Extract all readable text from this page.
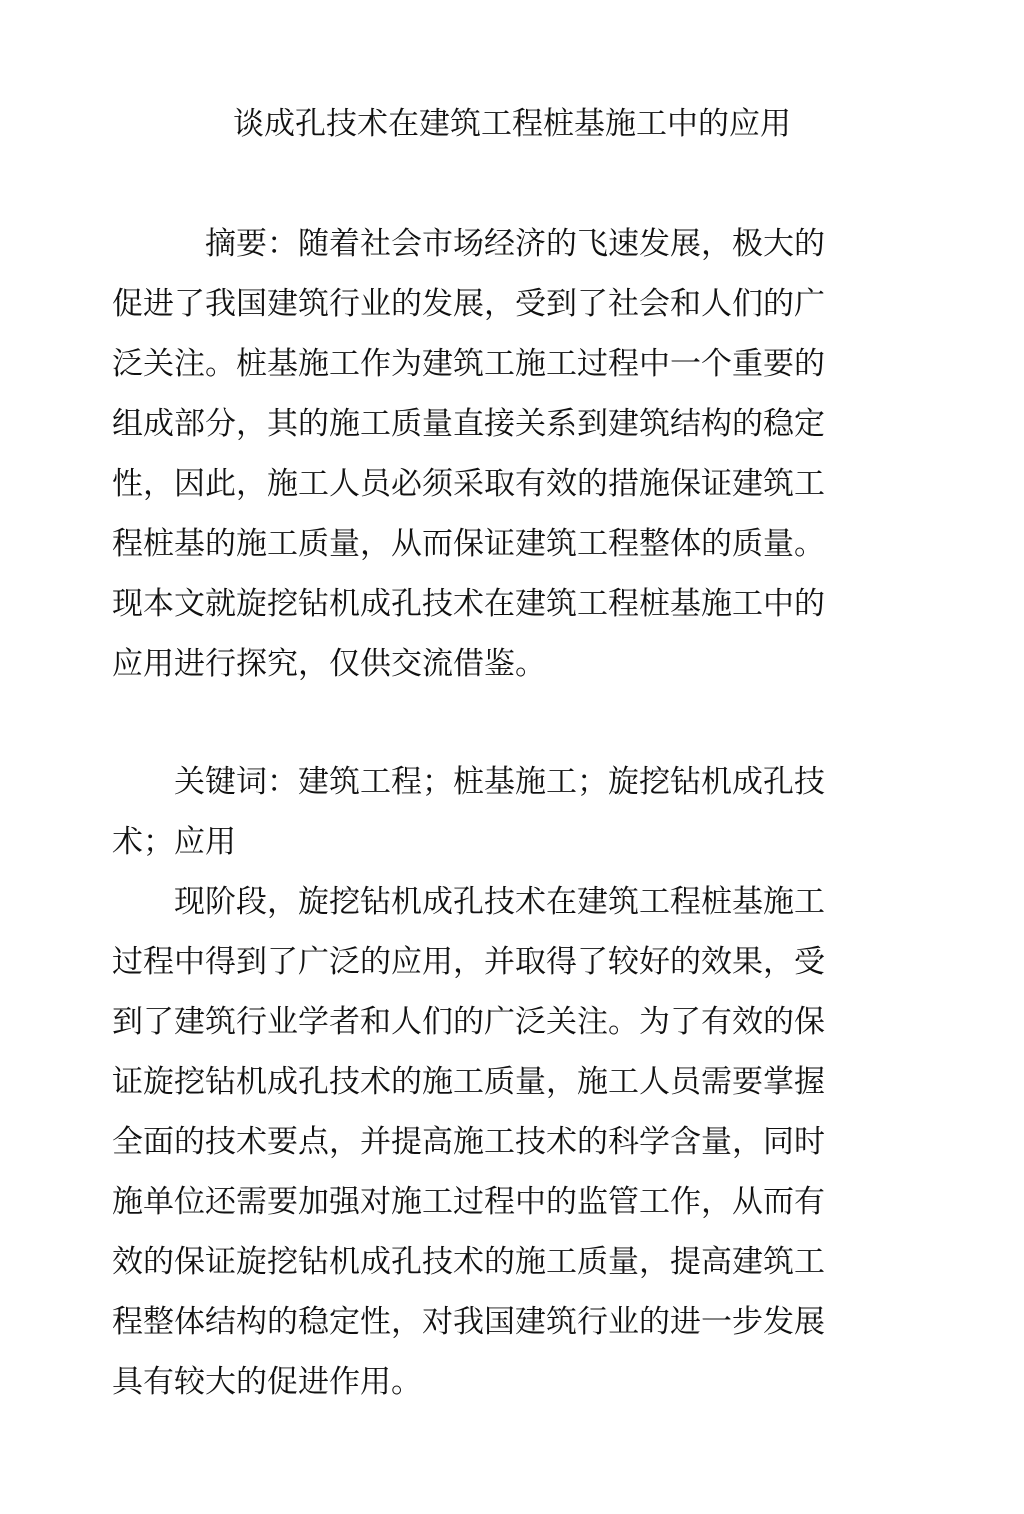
谈成孔技术在建筑工程桩基施工中的应用
　　　摘要：随着社会市场经济的飞速发展，极大的
促进了我国建筑行业的发展，受到了社会和人们的广
泛关注。桩基施工作为建筑工施工过程中一个重要的
组成部分，其的施工质量直接关系到建筑结构的稳定
性，因此，施工人员必须采取有效的措施保证建筑工
程桩基的施工质量，从而保证建筑工程整体的质量。
现本文就旋挖钻机成孔技术在建筑工程桩基施工中的
应用进行探究，仅供交流借鉴。
　　关键词：建筑工程；桩基施工；旋挖钻机成孔技
术；应用
　　现阶段，旋挖钻机成孔技术在建筑工程桩基施工
过程中得到了广泛的应用，并取得了较好的效果，受
到了建筑行业学者和人们的广泛关注。为了有效的保
证旋挖钻机成孔技术的施工质量，施工人员需要掌握
全面的技术要点，并提高施工技术的科学含量，同时
施单位还需要加强对施工过程中的监管工作，从而有
效的保证旋挖钻机成孔技术的施工质量，提高建筑工
程整体结构的稳定性，对我国建筑行业的进一步发展
具有较大的促进作用。
